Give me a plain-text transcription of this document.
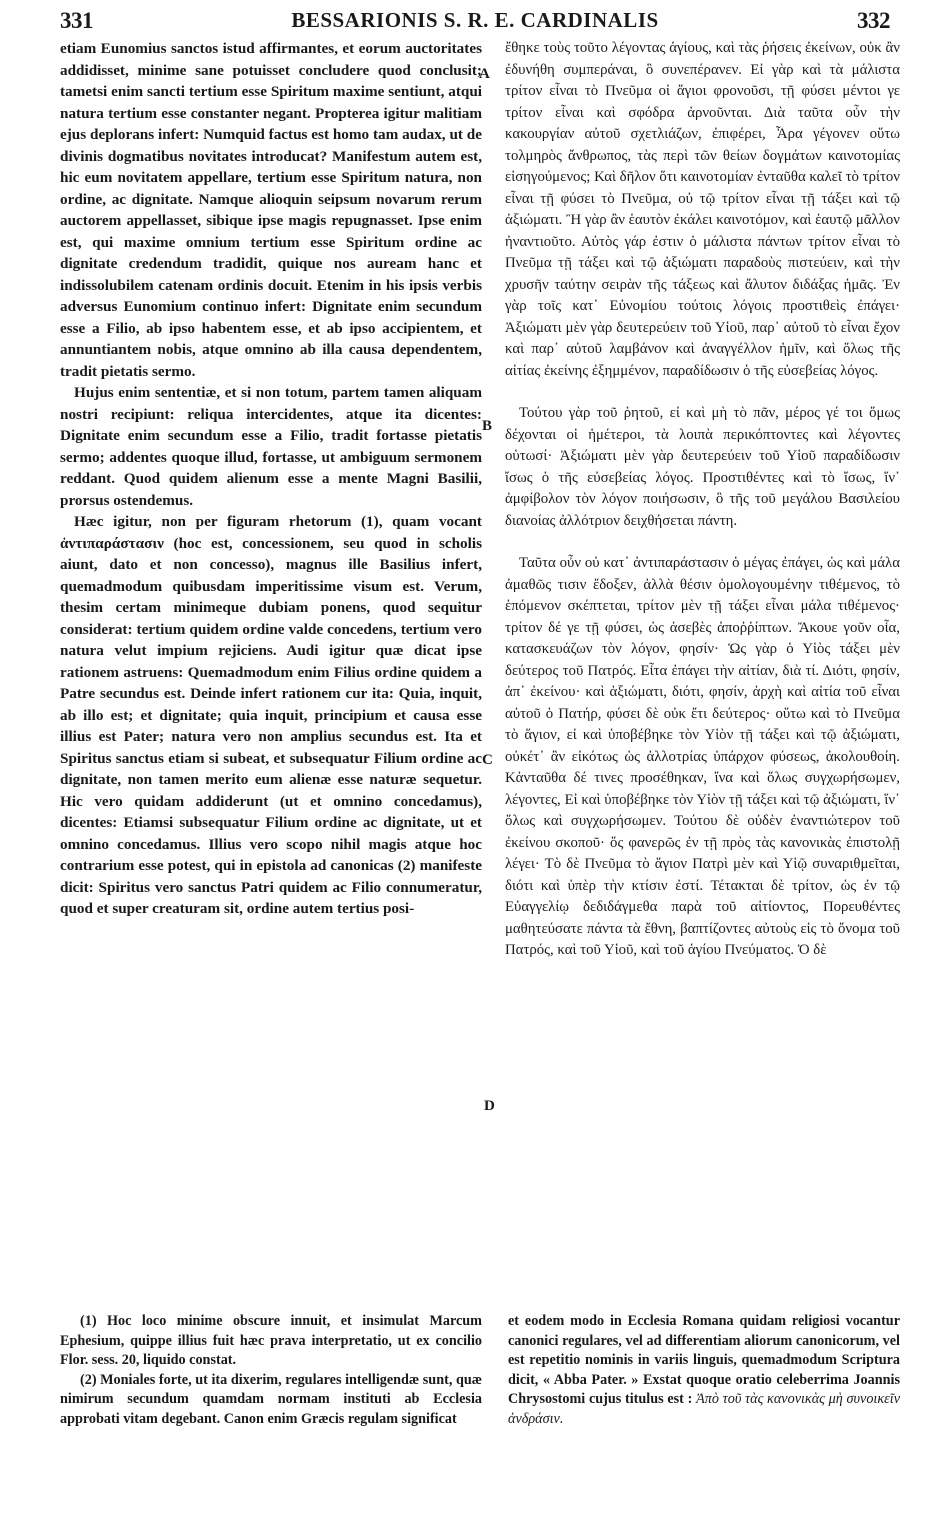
331	BESSARIONIS S. R. E. CARDINALIS	332

etiam Eunomius sanctos istud affirmantes, et eorum auctoritates addidisset, minime sane potuisset concludere quod conclusit; tametsi enim sancti tertium esse Spiritum maxime sentiunt, atqui natura tertium esse constanter negant. Propterea igitur malitiam ejus deplorans infert: Numquid factus est homo tam audax, ut de divinis dogmatibus novitates introducat? Manifestum autem est, hic eum novitatem appellare, tertium esse Spiritum natura, non ordine, ac dignitate. Namque alioquin seipsum novarum rerum auctorem appellasset, sibique ipse magis repugnasset. Ipse enim est, qui maxime omnium tertium esse Spiritum ordine ac dignitate credendum tradidit, quique nos auream hanc et indissolubilem catenam ordinis docuit. Etenim in his ipsis verbis adversus Eunomium continuo infert: Dignitate enim secundum esse a Filio, ab ipso habentem esse, et ab ipso accipientem, et annuntiantem nobis, atque omnino ab illa causa dependentem, tradit pietatis sermo.

Hujus enim sententiæ, et si non totum, partem tamen aliquam nostri recipiunt: reliqua intercidentes, atque ita dicentes: Dignitate enim secundum esse a Filio, tradit fortasse pietatis sermo; addentes quoque illud, fortasse, ut ambiguum sermonem reddant. Quod quidem alienum esse a mente Magni Basilii, prorsus ostendemus.

Hæc igitur, non per figuram rhetorum (1), quam vocant ἀντιπαράστασιν (hoc est, concessionem, seu quod in scholis aiunt, dato et non concesso), magnus ille Basilius infert, quemadmodum quibusdam imperitissime visum est. Verum, thesim certam minimeque dubiam ponens, quod sequitur considerat: tertium quidem ordine valde concedens, tertium vero natura velut impium rejiciens. Audi igitur quæ dicat ipse rationem astruens: Quemadmodum enim Filius ordine quidem a Patre secundus est. Deinde infert rationem cur ita: Quia, inquit, ab illo est; et dignitate; quia inquit, principium et causa esse illius est Pater; natura vero non amplius secundus est. Ita et Spiritus sanctus etiam si subeat, et subsequatur Filium ordine ac dignitate, non tamen merito eum alienæ esse naturæ sequetur. Hic vero quidam addiderunt (ut et omnino concedamus), dicentes: Etiamsi subsequatur Filium ordine ac dignitate, ut et omnino concedamus. Illius vero scopo nihil magis atque hoc contrarium esse potest, qui in epistola ad canonicas (2) manifeste dicit: Spiritus vero sanctus Patri quidem ac Filio connumeratur, quod et super creaturam sit, ordine autem tertius posi-

A
B
C
D

ἔθηκε τοὺς τοῦτο λέγοντας ἁγίους, καὶ τὰς ῥήσεις ἐκείνων, οὐκ ἂν ἐδυνήθη συμπεράναι, ὃ συνεπέρανεν. Εἰ γὰρ καὶ τὰ μάλιστα τρίτον εἶναι τὸ Πνεῦμα οἱ ἅγιοι φρονοῦσι, τῇ φύσει μέντοι γε τρίτον εἶναι καὶ σφόδρα ἀρνοῦνται. Διὰ ταῦτα οὖν τὴν κακουργίαν αὐτοῦ σχετλιάζων, ἐπιφέρει, Ἆρα γέγονεν οὕτω τολμηρὸς ἄνθρωπος, τὰς περὶ τῶν θείων δογμάτων καινοτομίας εἰσηγούμενος; Καὶ δῆλον ὅτι καινοτομίαν ἐνταῦθα καλεῖ τὸ τρίτον εἶναι τῇ φύσει τὸ Πνεῦμα, οὐ τῷ τρίτον εἶναι τῇ τάξει καὶ τῷ ἀξιώματι. Ἢ γὰρ ἂν ἑαυτὸν ἐκάλει καινοτόμον, καὶ ἑαυτῷ μᾶλλον ἠναντιοῦτο. Αὐτὸς γάρ ἐστιν ὁ μάλιστα πάντων τρίτον εἶναι τὸ Πνεῦμα τῇ τάξει καὶ τῷ ἀξιώματι παραδοὺς πιστεύειν, καὶ τὴν χρυσῆν ταύτην σειρὰν τῆς τάξεως καὶ ἄλυτον διδάξας ἡμᾶς. Ἐν γὰρ τοῖς κατ᾽ Εὐνομίου τούτοις λόγοις προστιθεὶς ἐπάγει· Ἀξιώματι μὲν γὰρ δευτερεύειν τοῦ Υἱοῦ, παρ᾽ αὐτοῦ τὸ εἶναι ἔχον καὶ παρ᾽ αὐτοῦ λαμβάνον καὶ ἀναγγέλλον ἡμῖν, καὶ ὅλως τῆς αἰτίας ἐκείνης ἐξημμένον, παραδίδωσιν ὁ τῆς εὐσεβείας λόγος.

Τούτου γὰρ τοῦ ῥητοῦ, εἰ καὶ μὴ τὸ πᾶν, μέρος γέ τοι ὅμως δέχονται οἱ ἡμέτεροι, τὰ λοιπὰ περικόπτοντες καὶ λέγοντες οὑτωσί· Ἀξιώματι μὲν γὰρ δευτερεύειν τοῦ Υἱοῦ παραδίδωσιν ἴσως ὁ τῆς εὐσεβείας λόγος. Προστιθέντες καὶ τὸ ἴσως, ἵν᾽ ἀμφίβολον τὸν λόγον ποιήσωσιν, ὃ τῆς τοῦ μεγάλου Βασιλείου διανοίας ἀλλότριον δειχθήσεται πάντη.

Ταῦτα οὖν οὐ κατ᾽ ἀντιπαράστασιν ὁ μέγας ἐπάγει, ὡς καὶ μάλα ἀμαθῶς τισιν ἔδοξεν, ἀλλὰ θέσιν ὁμολογουμένην τιθέμενος, τὸ ἑπόμενον σκέπτεται, τρίτον μὲν τῇ τάξει εἶναι μάλα τιθέμενος· τρίτον δέ γε τῇ φύσει, ὡς ἀσεβὲς ἀποῤῥίπτων. Ἄκουε γοῦν οἷα, κατασκευάζων τὸν λόγον, φησίν· Ὡς γὰρ ὁ Υἱὸς τάξει μὲν δεύτερος τοῦ Πατρός. Εἶτα ἐπάγει τὴν αἰτίαν, διὰ τί. Διότι, φησίν, ἀπ᾽ ἐκείνου· καὶ ἀξιώματι, διότι, φησίν, ἀρχὴ καὶ αἰτία τοῦ εἶναι αὐτοῦ ὁ Πατήρ, φύσει δὲ οὐκ ἔτι δεύτερος· οὕτω καὶ τὸ Πνεῦμα τὸ ἅγιον, εἰ καὶ ὑποβέβηκε τὸν Υἱὸν τῇ τάξει καὶ τῷ ἀξιώματι, οὐκέτ᾽ ἂν εἰκότως ὡς ἀλλοτρίας ὑπάρχον φύσεως, ἀκολουθοίη. Κἀνταῦθα δέ τινες προσέθηκαν, ἵνα καὶ ὅλως συγχωρήσωμεν, λέγοντες, Εἰ καὶ ὑποβέβηκε τὸν Υἱὸν τῇ τάξει καὶ τῷ ἀξιώματι, ἵν᾽ ὅλως καὶ συγχωρήσωμεν. Τούτου δὲ οὐδὲν ἐναντιώτερον τοῦ ἐκείνου σκοποῦ· ὅς φανερῶς ἐν τῇ πρὸς τὰς κανονικὰς ἐπιστολῇ λέγει· Τὸ δὲ Πνεῦμα τὸ ἅγιον Πατρὶ μὲν καὶ Υἱῷ συναριθμεῖται, διότι καὶ ὑπὲρ τὴν κτίσιν ἐστί. Τέτακται δὲ τρίτον, ὡς ἐν τῷ Εὐαγγελίῳ δεδιδάγμεθα παρὰ τοῦ αἰτίοντος, Πορευθέντες μαθητεύσατε πάντα τὰ ἔθνη, βαπτίζοντες αὐτοὺς εἰς τὸ ὄνομα τοῦ Πατρός, καὶ τοῦ Υἱοῦ, καὶ τοῦ ἁγίου Πνεύματος. Ὁ δὲ

(1) Hoc loco minime obscure innuit, et insimulat Marcum Ephesium, quippe illius fuit hæc prava interpretatio, ut ex concilio Flor. sess. 20, liquido constat.

(2) Moniales forte, ut ita dixerim, regulares intelligendæ sunt, quæ nimirum secundum quamdam normam instituti ab Ecclesia approbati vitam degebant. Canon enim Græcis regulam significat

et eodem modo in Ecclesia Romana quidam religiosi vocantur canonici regulares, vel ad differentiam aliorum canonicorum, vel est repetitio nominis in variis linguis, quemadmodum Scriptura dicit, « Abba Pater. » Exstat quoque oratio celeberrima Joannis Chrysostomi cujus titulus est : Ἀπὸ τοῦ τὰς κανονικὰς μὴ συνοικεῖν ἀνδράσιν.
